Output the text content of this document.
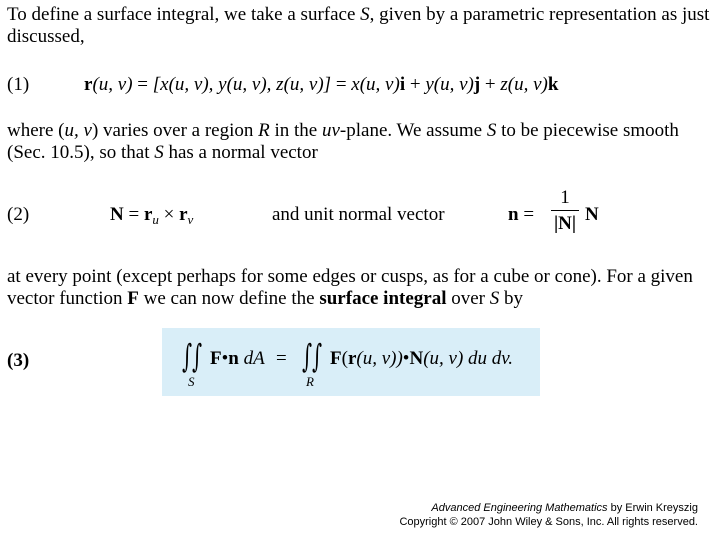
To define a surface integral, we take a surface S, given by a parametric representation as just discussed,

(1)	r(u, v) = [x(u, v), y(u, v), z(u, v)] = x(u, v)i + y(u, v)j + z(u, v)k

where (u, v) varies over a region R in the uv-plane. We assume S to be piecewise smooth (Sec. 10.5), so that S has a normal vector

(2)	$N = r_u \times r_v$	and unit normal vector	n =
1
|N| N

at every point (except perhaps for some edges or cusps, as for a cube or cone). For a given vector function F we can now define the surface integral over S by

(3)	∫∫
S
F•n dA = ∫∫
R
F(r(u, v))•N(u, v) du dv.
Advanced Engineering Mathematics by Erwin Kreyszig
Copyright © 2007 John Wiley & Sons, Inc. All rights reserved.
